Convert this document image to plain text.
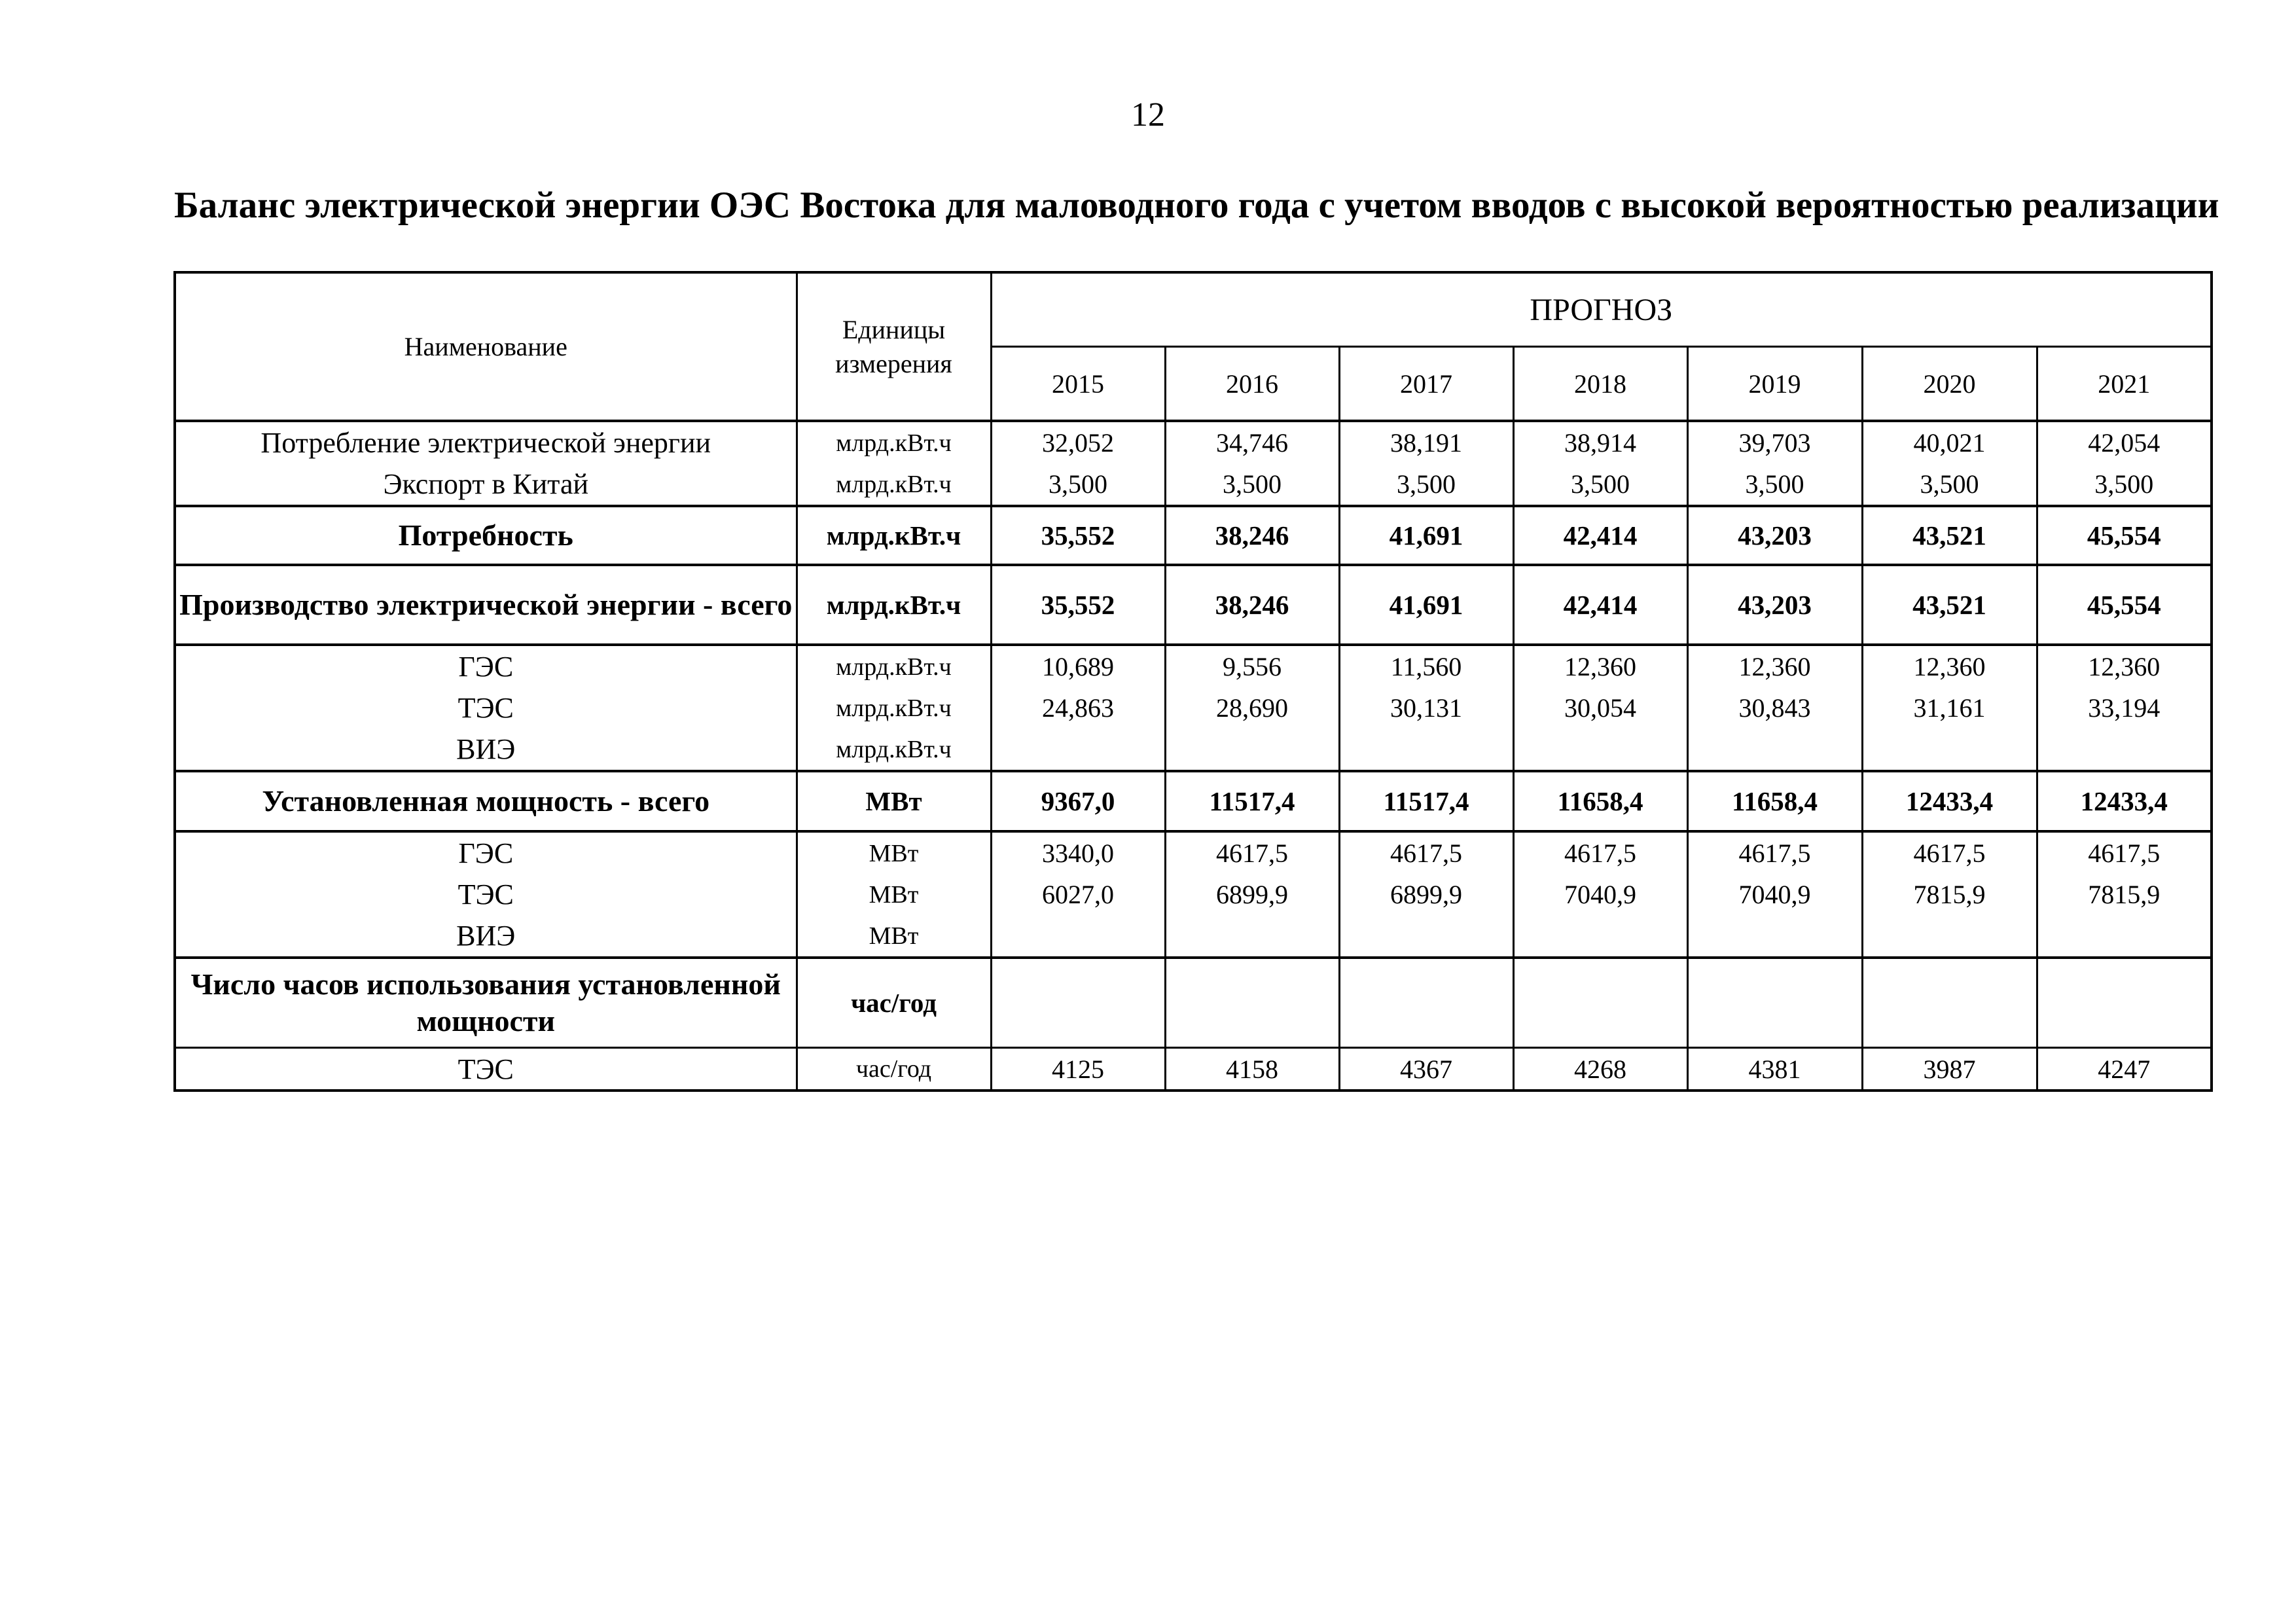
12
Баланс электрической энергии ОЭС Востока для маловодного года с учетом вводов с высокой вероятностью реализации
Наименование	Единицы измерения	ПРОГНОЗ						
		2015	2016	2017	2018	2019	2020	2021
Потребление электрической энергии	млрд.кВт.ч	32,052	34,746	38,191	38,914	39,703	40,021	42,054
Экспорт в Китай	млрд.кВт.ч	3,500	3,500	3,500	3,500	3,500	3,500	3,500
Потребность	млрд.кВт.ч	35,552	38,246	41,691	42,414	43,203	43,521	45,554
Производство электрической энергии - всего	млрд.кВт.ч	35,552	38,246	41,691	42,414	43,203	43,521	45,554
ГЭС	млрд.кВт.ч	10,689	9,556	11,560	12,360	12,360	12,360	12,360
ТЭС	млрд.кВт.ч	24,863	28,690	30,131	30,054	30,843	31,161	33,194
ВИЭ	млрд.кВт.ч							
Установленная мощность - всего	МВт	9367,0	11517,4	11517,4	11658,4	11658,4	12433,4	12433,4
ГЭС	МВт	3340,0	4617,5	4617,5	4617,5	4617,5	4617,5	4617,5
ТЭС	МВт	6027,0	6899,9	6899,9	7040,9	7040,9	7815,9	7815,9
ВИЭ	МВт							
Число часов использования установленной мощности	час/год							
ТЭС	час/год	4125	4158	4367	4268	4381	3987	4247
